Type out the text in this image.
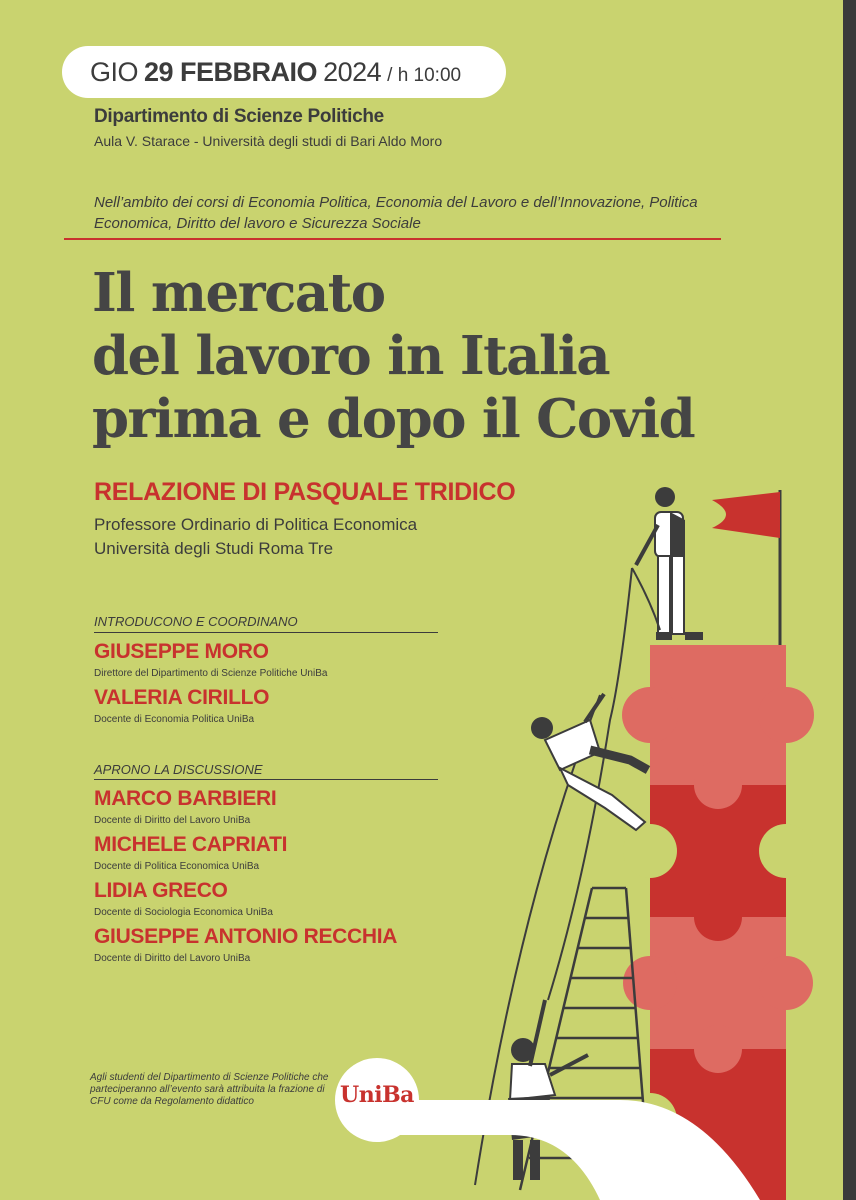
GIO 29 FEBBRAIO 2024 / h 10:00
Dipartimento di Scienze Politiche
Aula V. Starace - Università degli studi di Bari Aldo Moro
Nell’ambito dei corsi di Economia Politica, Economia del Lavoro e dell’Innovazione, Politica Economica, Diritto del lavoro e Sicurezza Sociale
Il mercato
del lavoro in Italia
prima e dopo il Covid
RELAZIONE DI PASQUALE TRIDICO
Professore Ordinario di Politica Economica
Università degli Studi Roma Tre
INTRODUCONO E COORDINANO
GIUSEPPE MORO
Direttore del Dipartimento di Scienze Politiche UniBa
VALERIA CIRILLO
Docente di Economia Politica UniBa
APRONO LA DISCUSSIONE
MARCO BARBIERI
Docente di Diritto del Lavoro UniBa
MICHELE CAPRIATI
Docente di Politica Economica UniBa
LIDIA GRECO
Docente di Sociologia Economica UniBa
GIUSEPPE ANTONIO RECCHIA
Docente di Diritto del Lavoro UniBa
Agli studenti del Dipartimento di Scienze Politiche che parteciperanno all’evento sarà attribuita la frazione di CFU come da Regolamento didattico	UniBa
